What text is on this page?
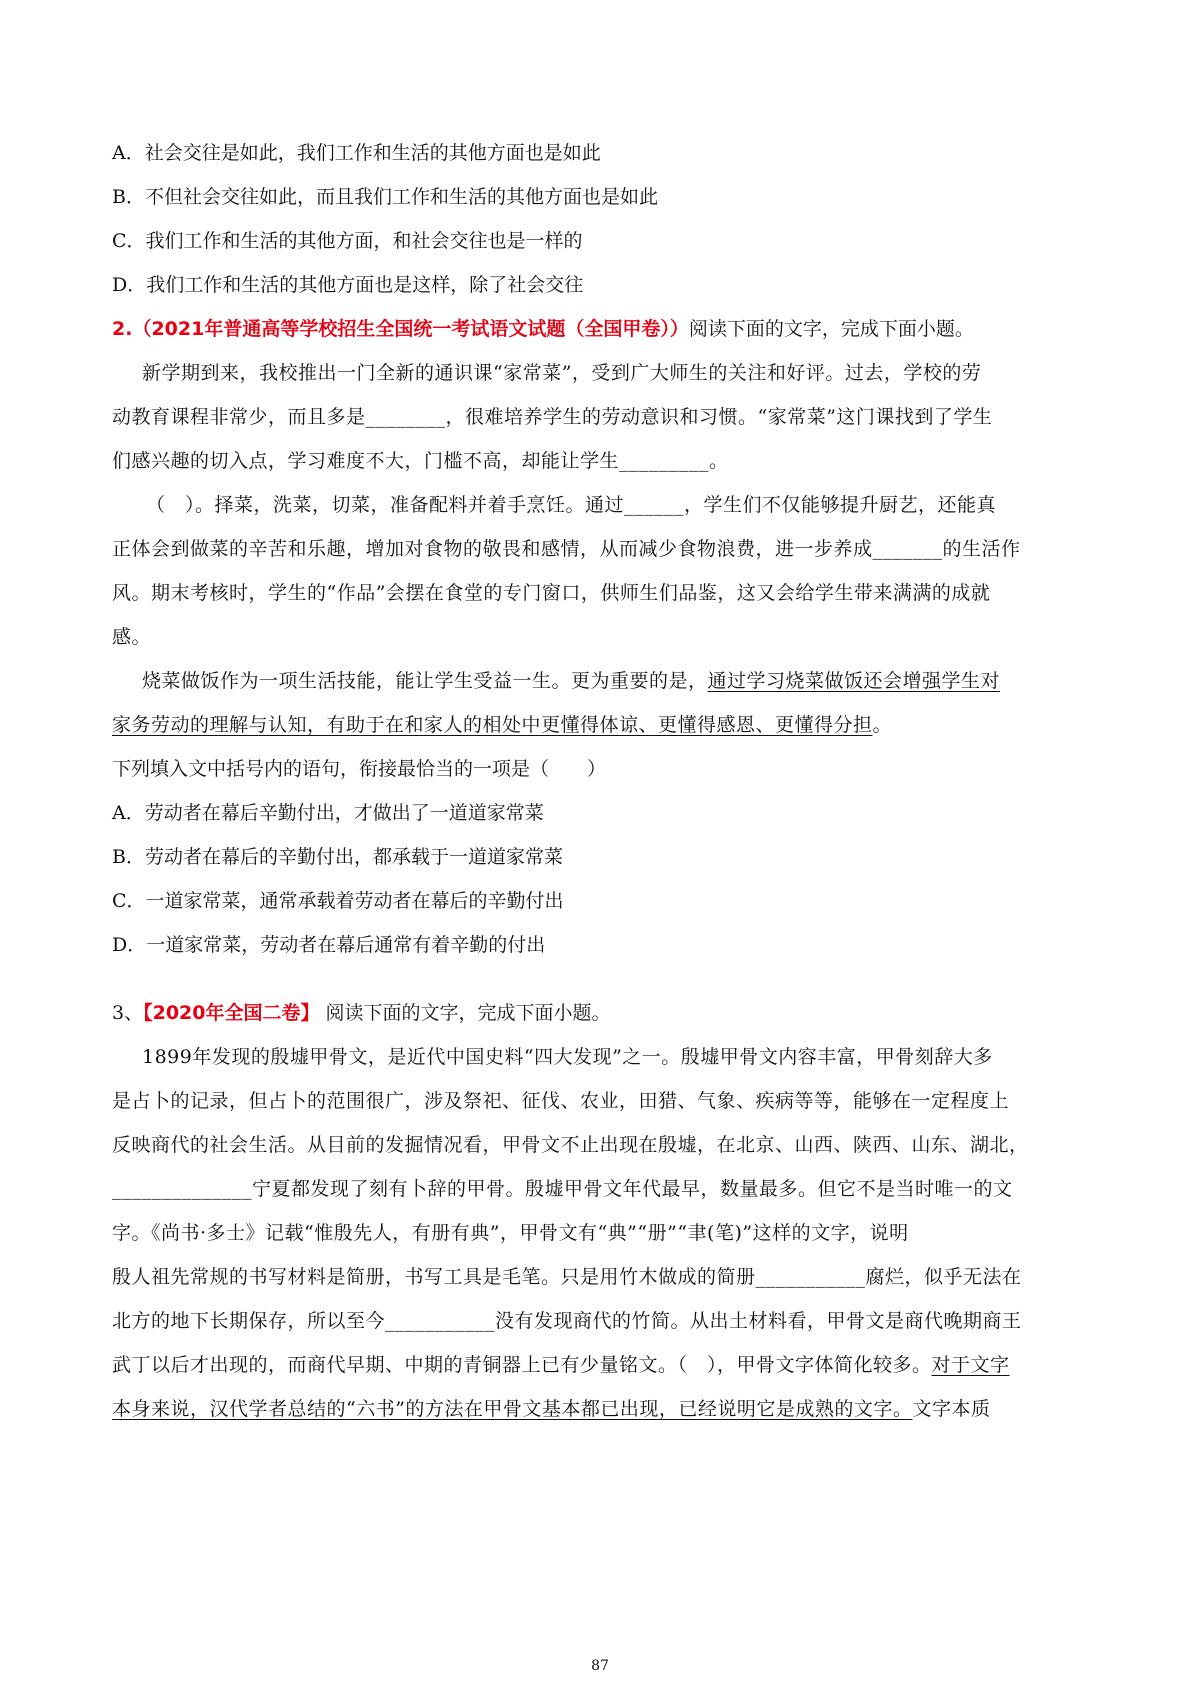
A．社会交往是如此，我们工作和生活的其他方面也是如此
B．不但社会交往如此，而且我们工作和生活的其他方面也是如此
C．我们工作和生活的其他方面，和社会交往也是一样的
D．我们工作和生活的其他方面也是这样，除了社会交往
2.（2021年普通高等学校招生全国统一考试语文试题（全国甲卷））阅读下面的文字，完成下面小题。
新学期到来，我校推出一门全新的通识课“家常菜”，受到广大师生的关注和好评。过去，学校的劳
动教育课程非常少，而且多是________，很难培养学生的劳动意识和习惯。“家常菜”这门课找到了学生
们感兴趣的切入点，学习难度不大，门槛不高，却能让学生_________。
（　）。择菜，洗菜，切菜，准备配料并着手烹饪。通过______，学生们不仅能够提升厨艺，还能真
正体会到做菜的辛苦和乐趣，增加对食物的敬畏和感情，从而减少食物浪费，进一步养成_______的生活作
风。期末考核时，学生的“作品”会摆在食堂的专门窗口，供师生们品鉴，这又会给学生带来满满的成就
感。
烧菜做饭作为一项生活技能，能让学生受益一生。更为重要的是，通过学习烧菜做饭还会增强学生对
家务劳动的理解与认知，有助于在和家人的相处中更懂得体谅、更懂得感恩、更懂得分担。
下列填入文中括号内的语句，衔接最恰当的一项是（　　）
A．劳动者在幕后辛勤付出，才做出了一道道家常菜
B．劳动者在幕后的辛勤付出，都承载于一道道家常菜
C．一道家常菜，通常承载着劳动者在幕后的辛勤付出
D．一道家常菜，劳动者在幕后通常有着辛勤的付出
3、【2020年全国二卷】 阅读下面的文字，完成下面小题。
1899年发现的殷墟甲骨文，是近代中国史料“四大发现”之一。殷墟甲骨文内容丰富，甲骨刻辞大多
是占卜的记录，但占卜的范围很广，涉及祭祀、征伐、农业，田猎、气象、疾病等等，能够在一定程度上
反映商代的社会生活。从目前的发掘情况看，甲骨文不止出现在殷墟，在北京、山西、陕西、山东、湖北，
______________宁夏都发现了刻有卜辞的甲骨。殷墟甲骨文年代最早，数量最多。但它不是当时唯一的文
字。《尚书·多士》记载“惟殷先人，有册有典”，甲骨文有“典”“册”“聿(笔)”这样的文字，说明
殷人祖先常规的书写材料是简册，书写工具是毛笔。只是用竹木做成的简册___________腐烂，似乎无法在
北方的地下长期保存，所以至今___________没有发现商代的竹简。从出土材料看，甲骨文是商代晚期商王
武丁以后才出现的，而商代早期、中期的青铜器上已有少量铭文。（　），甲骨文字体简化较多。对于文字
本身来说，汉代学者总结的“六书”的方法在甲骨文基本都已出现，已经说明它是成熟的文字。文字本质
87
